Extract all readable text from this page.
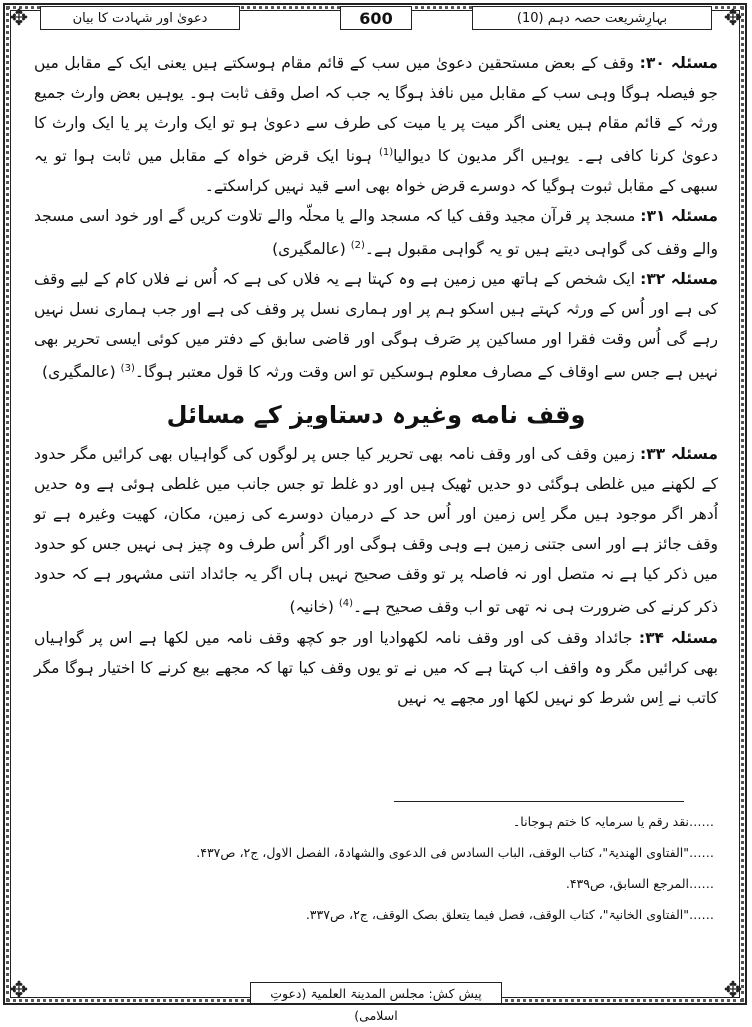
✥	✥
✥	✥
دعویٰ اور شہادت کا بیان	600	بہارِشریعت حصہ دہم (10)

مسئلہ ۳۰: وقف کے بعض مستحقین دعویٰ میں سب کے قائم مقام ہوسکتے ہیں یعنی ایک کے مقابل میں جو فیصلہ ہوگا وہی سب کے مقابل میں نافذ ہوگا یہ جب کہ اصل وقف ثابت ہو۔ یوہیں بعض وارث جمیع ورثہ کے قائم مقام ہیں یعنی اگر میت پر یا میت کی طرف سے دعویٰ ہو تو ایک وارث پر یا ایک وارث کا دعویٰ کرنا کافی ہے۔ یوہیں اگر مدیون کا دیوالیا$^{(1)}$ ہونا ایک قرض خواہ کے مقابل میں ثابت ہوا تو یہ سبھی کے مقابل ثبوت ہوگیا کہ دوسرے قرض خواہ بھی اسے قید نہیں کراسکتے۔

مسئلہ ۳۱: مسجد پر قرآن مجید وقف کیا کہ مسجد والے یا محلّہ والے تلاوت کریں گے اور خود اسی مسجد والے وقف کی گواہی دیتے ہیں تو یہ گواہی مقبول ہے۔$^{(2)}$ (عالمگیری)

مسئلہ ۳۲: ایک شخص کے ہاتھ میں زمین ہے وہ کہتا ہے یہ فلاں کی ہے کہ اُس نے فلاں کام کے لیے وقف کی ہے اور اُس کے ورثہ کہتے ہیں اسکو ہم پر اور ہماری نسل پر وقف کی ہے اور جب ہماری نسل نہیں رہے گی اُس وقت فقرا اور مساکین پر صَرف ہوگی اور قاضی سابق کے دفتر میں کوئی ایسی تحریر بھی نہیں ہے جس سے اوقاف کے مصارف معلوم ہوسکیں تو اس وقت ورثہ کا قول معتبر ہوگا۔$^{(3)}$ (عالمگیری)

وقف نامه وغیرہ دستاویز کے مسائل

مسئلہ ۳۳: زمین وقف کی اور وقف نامہ بھی تحریر کیا جس پر لوگوں کی گواہیاں بھی کرائیں مگر حدود کے لکھنے میں غلطی ہوگئی دو حدیں ٹھیک ہیں اور دو غلط تو جس جانب میں غلطی ہوئی ہے وہ حدیں اُدھر اگر موجود ہیں مگر اِس زمین اور اُس حد کے درمیان دوسرے کی زمین، مکان، کھیت وغیرہ ہے تو وقف جائز ہے اور اسی جتنی زمین ہے وہی وقف ہوگی اور اگر اُس طرف وہ چیز ہی نہیں جس کو حدود میں ذکر کیا ہے نہ متصل اور نہ فاصلہ پر تو وقف صحیح نہیں ہاں اگر یہ جائداد اتنی مشہور ہے کہ حدود ذکر کرنے کی ضرورت ہی نہ تھی تو اب وقف صحیح ہے۔$^{(4)}$ (خانیہ)

مسئلہ ۳۴: جائداد وقف کی اور وقف نامہ لکھوادیا اور جو کچھ وقف نامہ میں لکھا ہے اس پر گواہیاں بھی کرائیں مگر وہ واقف اب کہتا ہے کہ میں نے تو یوں وقف کیا تھا کہ مجھے بیع کرنے کا اختیار ہوگا مگر کاتب نے اِس شرط کو نہیں لکھا اور مجھے یہ نہیں

……نقد رقم یا سرمایہ کا ختم ہوجانا۔
……"الفتاوی الھندیۃ"، کتاب الوقف، الباب السادس فی الدعوی والشھادۃ، الفصل الاول، ج۲، ص۴۳۷.
……المرجع السابق، ص۴۳۹.
……"الفتاوی الخانیۃ"، کتاب الوقف، فصل فیما یتعلق بصک الوقف، ج۲، ص۳۳۷.
پیش کش: مجلس المدینۃ العلمیۃ (دعوتِ اسلامی)
